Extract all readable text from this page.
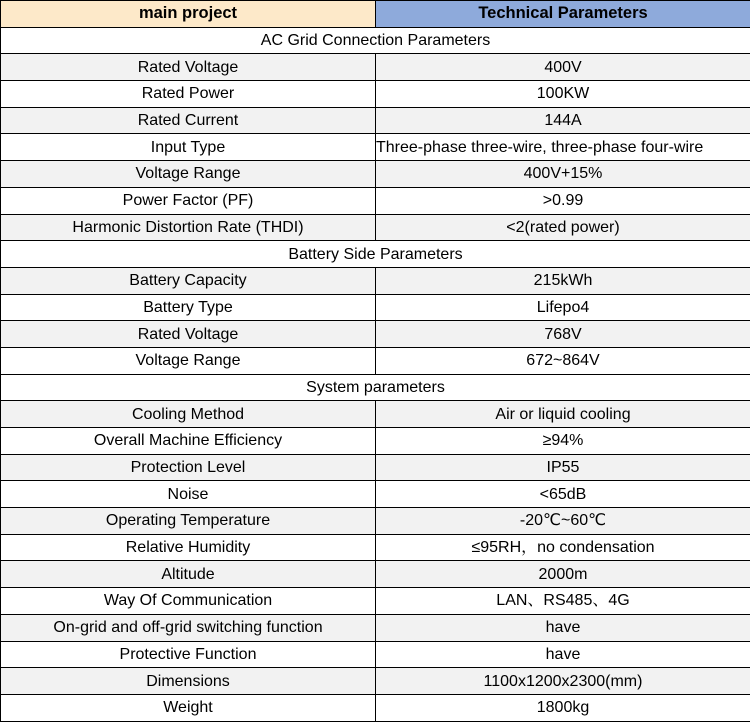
main project	Technical Parameters
AC Grid Connection Parameters	
Rated Voltage	400V
Rated Power	100KW
Rated Current	144A
Input Type	Three-phase three-wire, three-phase four-wire
Voltage Range	400V+15%
Power Factor (PF)	>0.99
Harmonic Distortion Rate (THDI)	<2(rated power)
Battery Side Parameters	
Battery Capacity	215kWh
Battery Type	Lifepo4
Rated Voltage	768V
Voltage Range	672~864V
System parameters	
Cooling Method	Air or liquid cooling
Overall Machine Efficiency	≥94%
Protection Level	IP55
Noise	<65dB
Operating Temperature	-20℃~60℃
Relative Humidity	≤95RH，no condensation
Altitude	2000m
Way Of Communication	LAN、RS485、4G
On-grid and off-grid switching function	have
Protective Function	have
Dimensions	1100x1200x2300(mm)
Weight	1800kg
